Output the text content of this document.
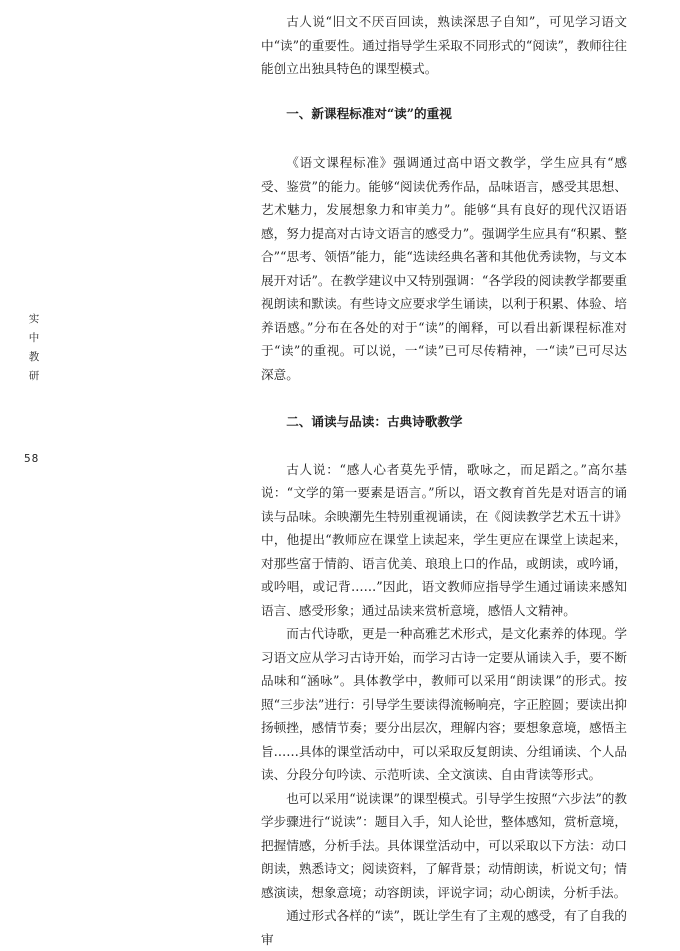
实中教研
58

古人说“旧文不厌百回读，熟读深思子自知”，可见学习语文中“读”的重要性。通过指导学生采取不同形式的“阅读”，教师往往能创立出独具特色的课型模式。

一、新课程标准对“读”的重视

《语文课程标准》强调通过高中语文教学，学生应具有“感受、鉴赏”的能力。能够“阅读优秀作品，品味语言，感受其思想、艺术魅力，发展想象力和审美力”。能够“具有良好的现代汉语语感，努力提高对古诗文语言的感受力”。强调学生应具有“积累、整合”“思考、领悟”能力，能“选读经典名著和其他优秀读物，与文本展开对话”。在教学建议中又特别强调：“各学段的阅读教学都要重视朗读和默读。有些诗文应要求学生诵读，以利于积累、体验、培养语感。”分布在各处的对于“读”的阐释，可以看出新课程标准对于“读”的重视。可以说，一“读”已可尽传精神，一“读”已可尽达深意。

二、诵读与品读：古典诗歌教学

古人说：“感人心者莫先乎情，歌咏之，而足蹈之。”高尔基说：“文学的第一要素是语言。”所以，语文教育首先是对语言的诵读与品味。余映潮先生特别重视诵读，在《阅读教学艺术五十讲》中，他提出“教师应在课堂上读起来，学生更应在课堂上读起来，对那些富于情韵、语言优美、琅琅上口的作品，或朗读，或吟诵，或吟唱，或记背……”因此，语文教师应指导学生通过诵读来感知语言、感受形象；通过品读来赏析意境，感悟人文精神。

而古代诗歌，更是一种高雅艺术形式，是文化素养的体现。学习语文应从学习古诗开始，而学习古诗一定要从诵读入手，要不断品味和“涵咏”。具体教学中，教师可以采用“朗读课”的形式。按照“三步法”进行：引导学生要读得流畅响亮，字正腔圆；要读出抑扬顿挫，感情节奏；要分出层次，理解内容；要想象意境，感悟主旨……具体的课堂活动中，可以采取反复朗读、分组诵读、个人品读、分段分句吟读、示范听读、全文演读、自由背读等形式。

也可以采用“说读课”的课型模式。引导学生按照“六步法”的教学步骤进行“说读”：题目入手，知人论世，整体感知，赏析意境，把握情感，分析手法。具体课堂活动中，可以采取以下方法：动口朗读，熟悉诗文；阅读资料，了解背景；动情朗读，析说文句；情感演读，想象意境；动容朗读，评说字词；动心朗读，分析手法。

通过形式各样的“读”，既让学生有了主观的感受，有了自我的审
